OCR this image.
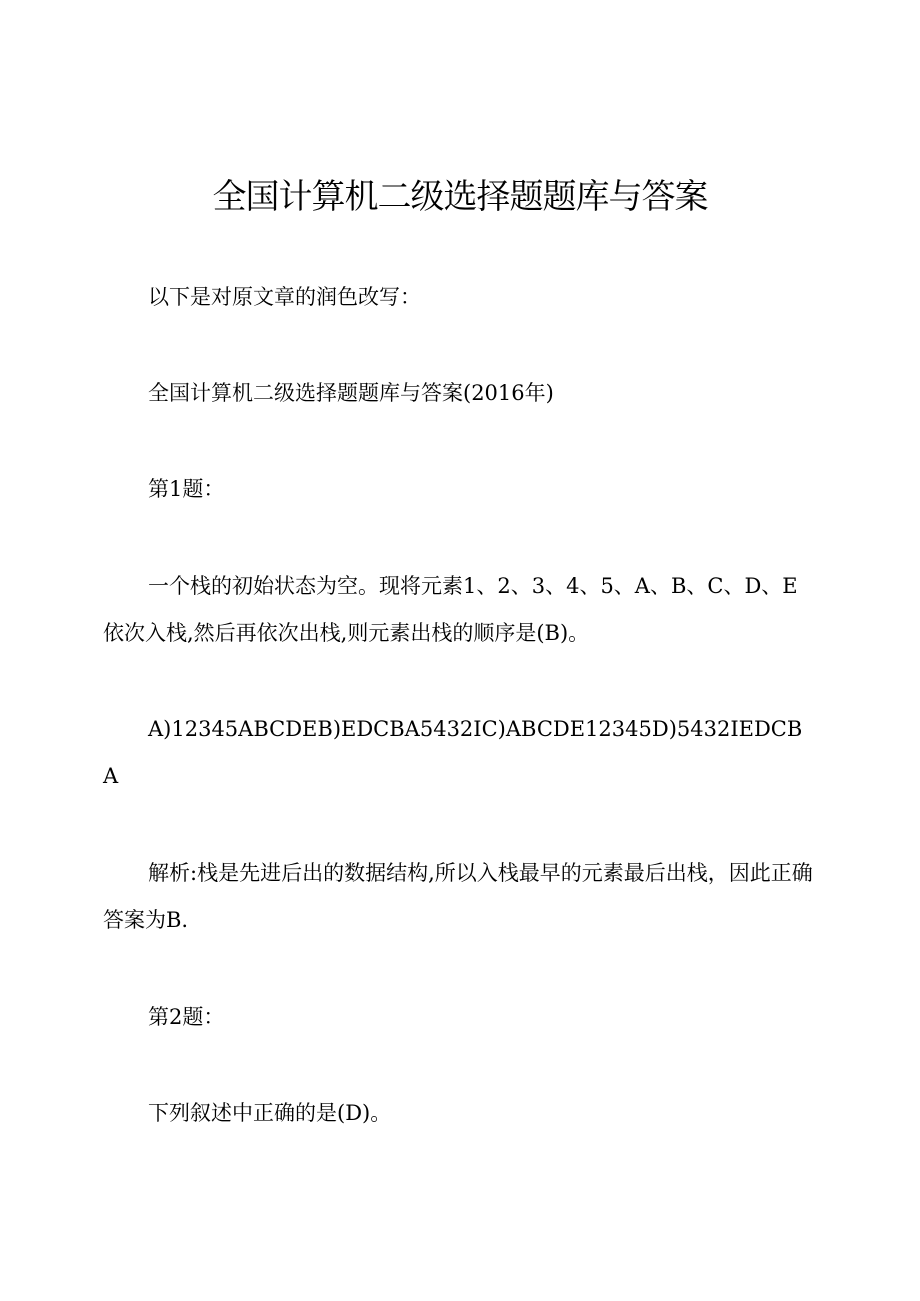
全国计算机二级选择题题库与答案

以下是对原文章的润色改写：

全国计算机二级选择题题库与答案(2016年)

第1题：

一个栈的初始状态为空。现将元素1、2、3、4、5、A、B、C、D、E依次入栈,然后再依次出栈,则元素出栈的顺序是(B)。

A)12345ABCDEB)EDCBA5432IC)ABCDE12345D)5432IEDCBA

解析:栈是先进后出的数据结构,所以入栈最早的元素最后出栈，因此正确答案为B.

第2题：

下列叙述中正确的是(D)。
